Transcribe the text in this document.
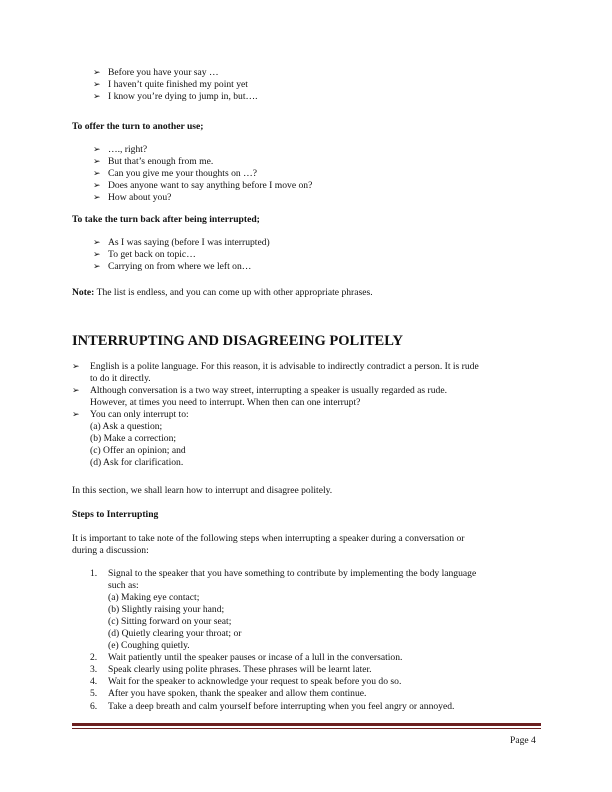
➢ Before you have your say …
➢ I haven’t quite finished my point yet
➢ I know you’re dying to jump in, but….
To offer the turn to another use;
➢ …., right?
➢ But that’s enough from me.
➢ Can you give me your thoughts on …?
➢ Does anyone want to say anything before I move on?
➢ How about you?
To take the turn back after being interrupted;
➢ As I was saying (before I was interrupted)
➢ To get back on topic…
➢ Carrying on from where we left on…
Note: The list is endless, and you can come up with other appropriate phrases.
➢ English is a polite language. For this reason, it is advisable to indirectly contradict a person. It is rude
to do it directly.
➢ Although conversation is a two way street, interrupting a speaker is usually regarded as rude.
However, at times you need to interrupt. When then can one interrupt?
➢ You can only interrupt to:
(a) Ask a question;
(b) Make a correction;
(c) Offer an opinion; and
(d) Ask for clarification.
In this section, we shall learn how to interrupt and disagree politely.
Steps to Interrupting
It is important to take note of the following steps when interrupting a speaker during a conversation or
during a discussion:
1. Signal to the speaker that you have something to contribute by implementing the body language
such as:
(a) Making eye contact;
(b) Slightly raising your hand;
(c) Sitting forward on your seat;
(d) Quietly clearing your throat; or
(e) Coughing quietly.
2. Wait patiently until the speaker pauses or incase of a lull in the conversation.
3. Speak clearly using polite phrases. These phrases will be learnt later.
4. Wait for the speaker to acknowledge your request to speak before you do so.
5. After you have spoken, thank the speaker and allow them continue.
6. Take a deep breath and calm yourself before interrupting when you feel angry or annoyed.
INTERRUPTING AND DISAGREEING POLITELY
Page 4
